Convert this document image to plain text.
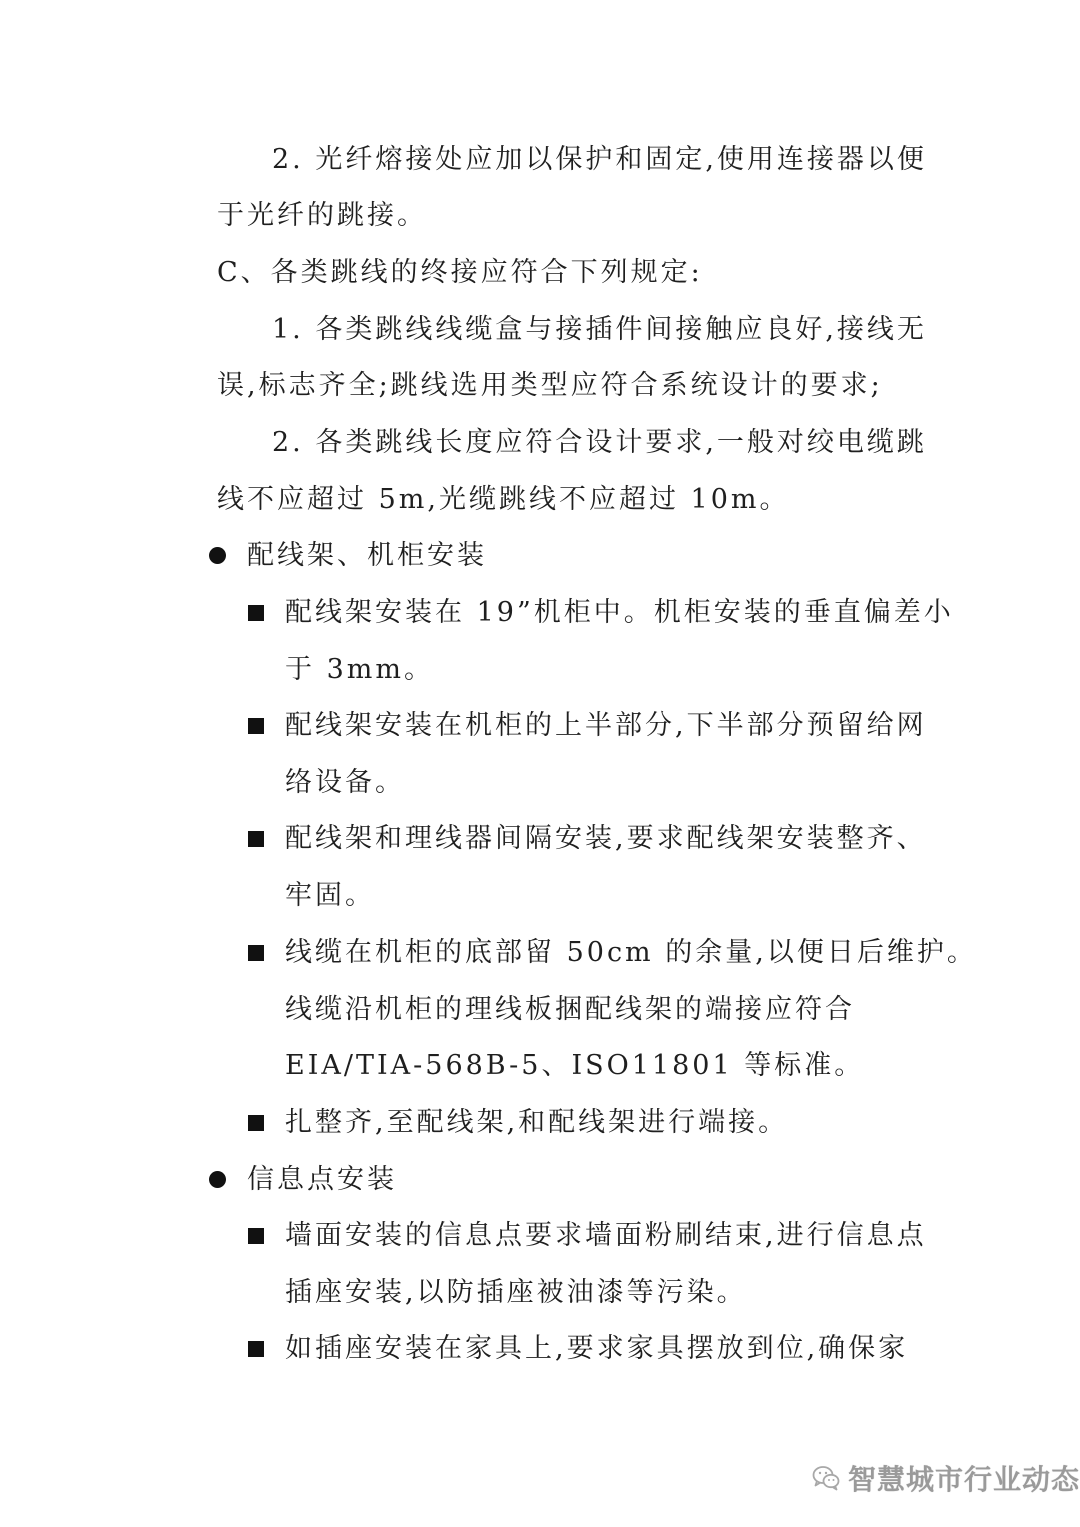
2. 光纤熔接处应加以保护和固定,使用连接器以便
于光纤的跳接。
C、各类跳线的终接应符合下列规定:
1. 各类跳线线缆盒与接插件间接触应良好,接线无
误,标志齐全;跳线选用类型应符合系统设计的要求;
2. 各类跳线长度应符合设计要求,一般对绞电缆跳
线不应超过 5m,光缆跳线不应超过 10m。
配线架、机柜安装
配线架安装在 19”机柜中。机柜安装的垂直偏差小
于 3mm。
配线架安装在机柜的上半部分,下半部分预留给网
络设备。
配线架和理线器间隔安装,要求配线架安装整齐、
牢固。
线缆在机柜的底部留 50cm 的余量,以便日后维护。
线缆沿机柜的理线板捆配线架的端接应符合
EIA/TIA-568B-5、ISO11801 等标准。
扎整齐,至配线架,和配线架进行端接。
信息点安装
墙面安装的信息点要求墙面粉刷结束,进行信息点
插座安装,以防插座被油漆等污染。
如插座安装在家具上,要求家具摆放到位,确保家
智慧城市行业动态
